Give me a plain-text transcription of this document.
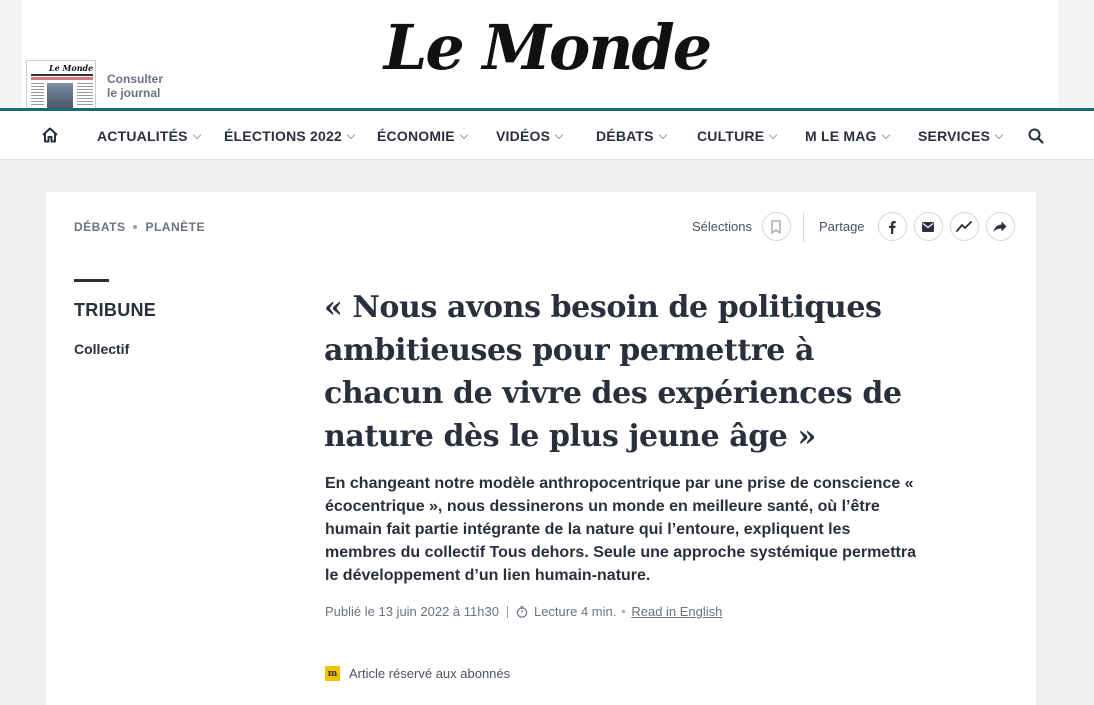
Le Monde
Le Monde
Consulter
le journal
ACTUALITÉS	ÉLECTIONS 2022	ÉCONOMIE	VIDÉOS	DÉBATS	CULTURE	M LE MAG	SERVICES
DÉBATS PLANÈTE	Sélections	Partage
TRIBUNE
Collectif
« Nous avons besoin de politiques ambitieuses pour permettre à chacun de vivre des expériences de nature dès le plus jeune âge »

En changeant notre modèle anthropocentrique par une prise de conscience « écocentrique », nous dessinerons un monde en meilleure santé, où l’être humain fait partie intégrante de la nature qui l’entoure, expliquent les membres du collectif Tous dehors. Seule une approche systémique permettra le développement d’un lien humain-nature.

Publié le 13 juin 2022 à 11h30	Lecture 4 min. Read in English
m Article réservé aux abonnés
